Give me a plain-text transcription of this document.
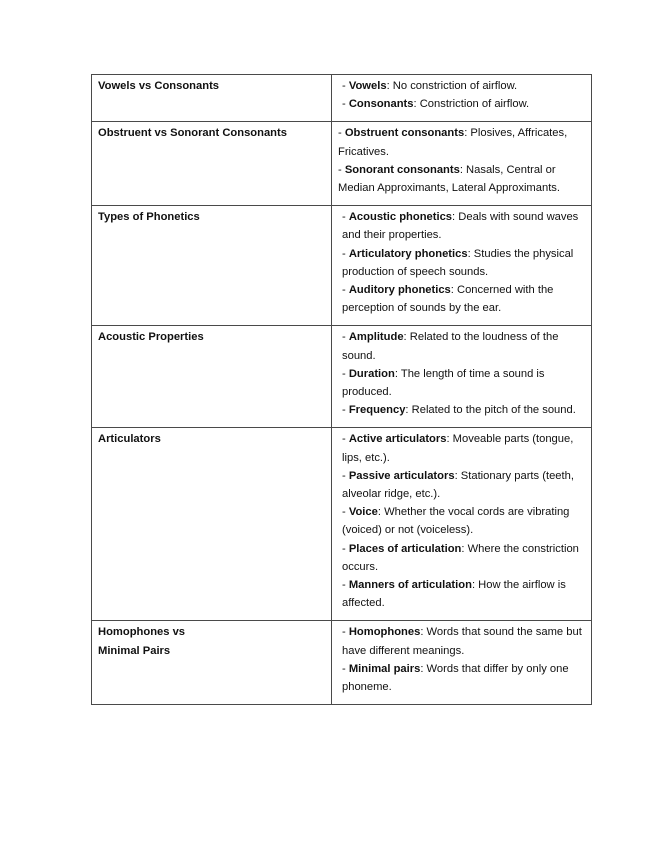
Vowels vs Consonants	- Vowels: No constriction of airflow.
- Consonants: Constriction of airflow.

Obstruent vs Sonorant Consonants	- Obstruent consonants: Plosives, Affricates, Fricatives.
- Sonorant consonants: Nasals, Central or Median Approximants, Lateral Approximants.

Types of Phonetics	- Acoustic phonetics: Deals with sound waves and their properties.
- Articulatory phonetics: Studies the physical production of speech sounds.
- Auditory phonetics: Concerned with the perception of sounds by the ear.

Acoustic Properties	- Amplitude: Related to the loudness of the sound.
- Duration: The length of time a sound is produced.
- Frequency: Related to the pitch of the sound.

Articulators	- Active articulators: Moveable parts (tongue, lips, etc.).
- Passive articulators: Stationary parts (teeth, alveolar ridge, etc.).
- Voice: Whether the vocal cords are vibrating (voiced) or not (voiceless).
- Places of articulation: Where the constriction occurs.
- Manners of articulation: How the airflow is affected.

Homophones vs
Minimal Pairs	- Homophones: Words that sound the same but have different meanings.
- Minimal pairs: Words that differ by only one phoneme.
